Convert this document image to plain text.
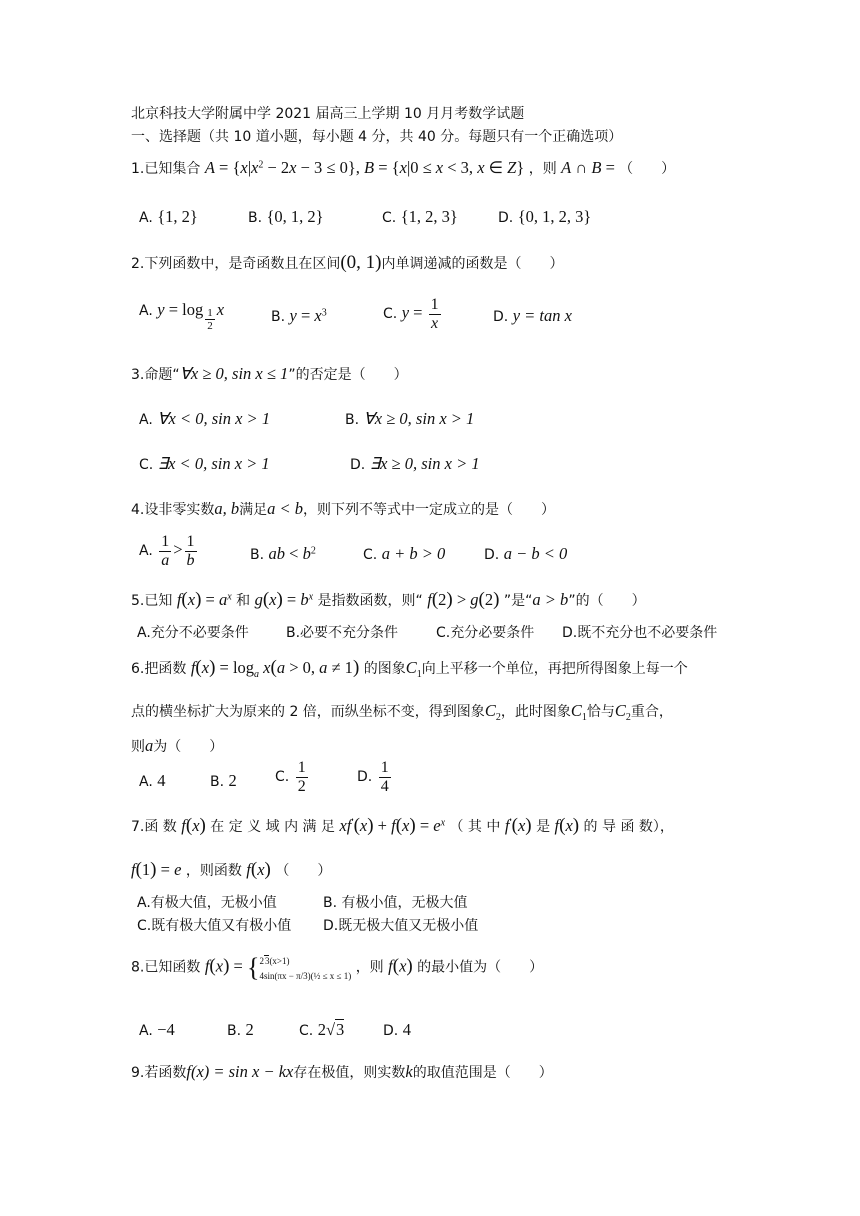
北京科技大学附属中学 2021 届高三上学期 10 月月考数学试题
一、选择题（共 10 道小题，每小题 4 分，共 40 分。每题只有一个正确选项）
1.已知集合 $A = \{x|x^2 - 2x - 3 \le 0\}$, B = {x|0 ≤ x < 3, x ∈ Z} ，则 A ∩ B = （　　）
A. {1, 2}	B. {0, 1, 2}	C. {1, 2, 3}	D. {0, 1, 2, 3}
2.下列函数中，是奇函数且在区间(0, 1)内单调递减的函数是（　　）
A. $y = \log \frac{1}{2}$ x	B. $y = x^3$	C. $y = \frac{1}{x}$	D. y = tan x
3.命题“∀x ≥ 0, sin x ≤ 1”的否定是（　　）
A. ∀x < 0, sin x > 1	B. ∀x ≥ 0, sin x > 1
C. ∃x < 0, sin x > 1	D. ∃x ≥ 0, sin x > 1
4.设非零实数a, b满足a < b，则下列不等式中一定成立的是（　　）
A. $\frac{1}{a} > \frac{1}{b}$	B. ab < $b^2$	C. a + b > 0	D. a − b < 0
5.已知 $f(x) = a^x$ 和 $g(x) = b^x$ 是指数函数，则“ f(2) > g(2) ”是“a > b”的（　　）
A.充分不必要条件	B.必要不充分条件	C.充分必要条件 D.既不充分也不必要条件
6.把函数 $f(x) = \log_a x(a > 0$, a ≠ 1) 的图象$C_1$向上平移一个单位，再把所得图象上每一个
点的横坐标扩大为原来的 2 倍，而纵坐标不变，得到图象$C_2$，此时图象$C_1$恰与$C_2$重合，
则a为（　　）
A. 4	B. 2	C. $\frac{1}{2}$	D. $\frac{1}{4}$
7.函 数 f(x) 在 定 义 域 内 满 足 $xf'(x) + f(x) = e^x$ （ 其 中 f′(x) 是 f(x) 的 导 函 数），
f(1) = e ，则函数 f(x) （　　）
A.有极大值，无极小值	B. 有极小值，无极大值
C.既有极大值又有极小值 D.既无极大值又无极小值
8.已知函数 f(x) = {23(x>1)
4sin(πx − π/3)(½ ≤ x ≤ 1) ，则 f(x) 的最小值为（　　）
A. −4	B. 2	C. 2√3	D. 4
9.若函数f(x) = sin x − kx存在极值，则实数k的取值范围是（　　）
